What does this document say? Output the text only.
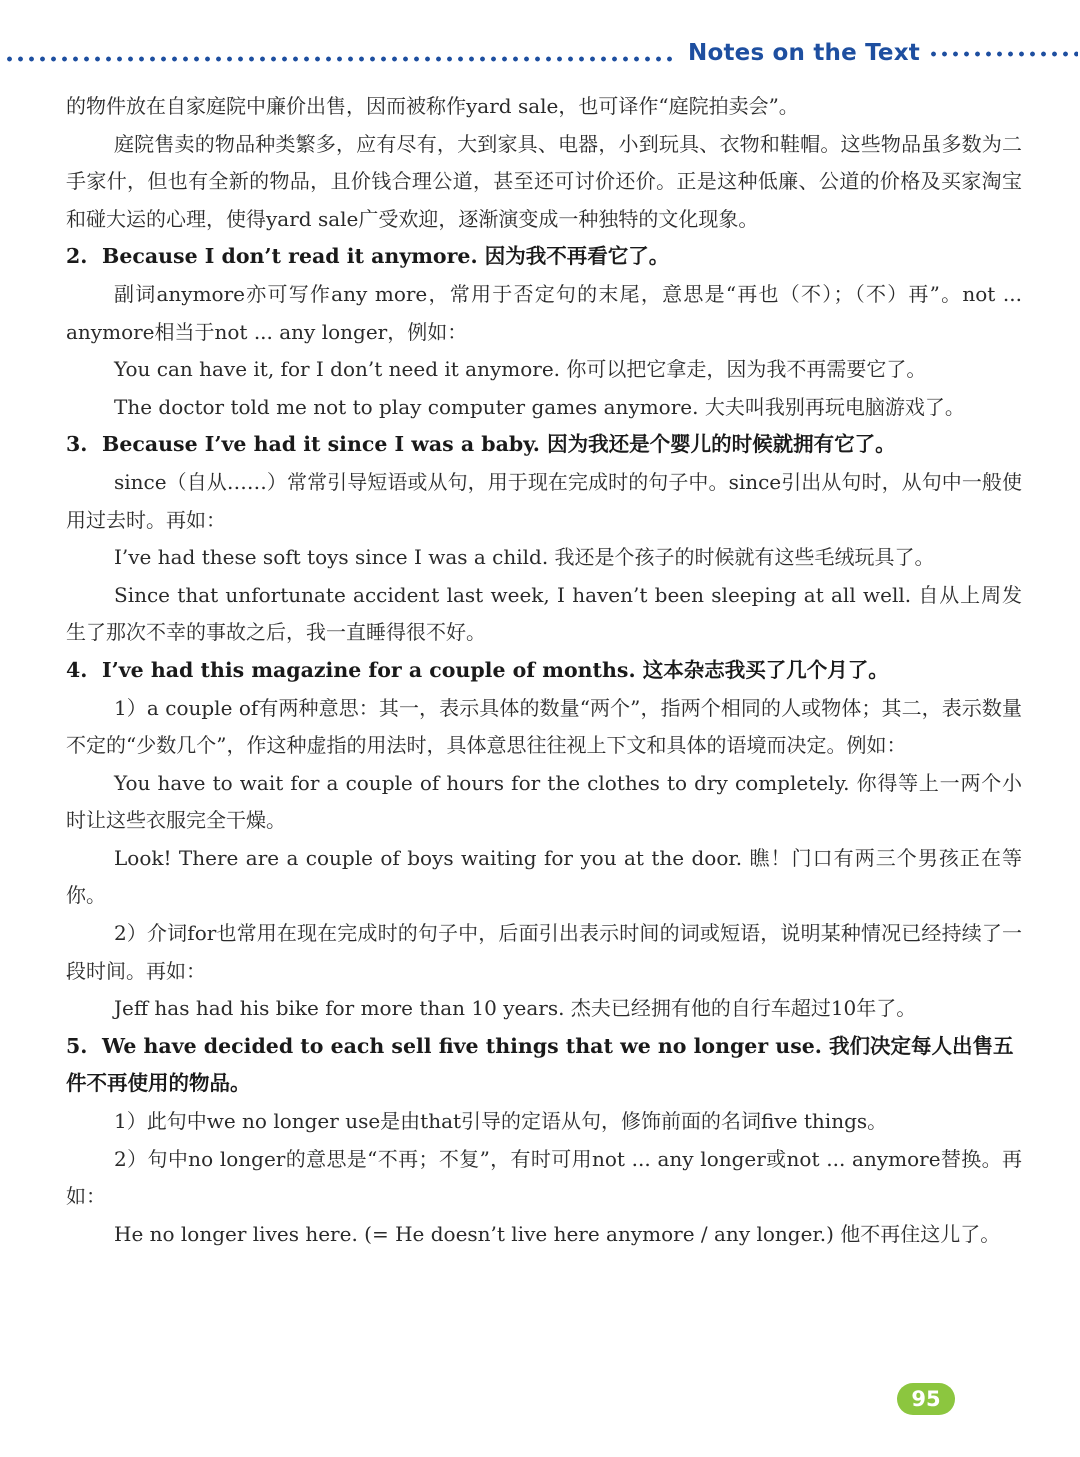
Notes on the Text

的物件放在自家庭院中廉价出售，因而被称作yard sale，也可译作“庭院拍卖会”。

庭院售卖的物品种类繁多，应有尽有，大到家具、电器，小到玩具、衣物和鞋帽。这些物品虽多数为二手家什，但也有全新的物品，且价钱合理公道，甚至还可讨价还价。正是这种低廉、公道的价格及买家淘宝和碰大运的心理，使得yard sale广受欢迎，逐渐演变成一种独特的文化现象。

2. Because I don’t read it anymore. 因为我不再看它了。

副词anymore亦可写作any more，常用于否定句的末尾，意思是“再也（不）；（不）再”。not ... anymore相当于not ... any longer，例如：

You can have it, for I don’t need it anymore. 你可以把它拿走，因为我不再需要它了。

The doctor told me not to play computer games anymore. 大夫叫我别再玩电脑游戏了。

3. Because I’ve had it since I was a baby. 因为我还是个婴儿的时候就拥有它了。

since（自从……）常常引导短语或从句，用于现在完成时的句子中。since引出从句时，从句中一般使用过去时。再如：

I’ve had these soft toys since I was a child. 我还是个孩子的时候就有这些毛绒玩具了。

Since that unfortunate accident last week, I haven’t been sleeping at all well. 自从上周发生了那次不幸的事故之后，我一直睡得很不好。

4. I’ve had this magazine for a couple of months. 这本杂志我买了几个月了。

1）a couple of有两种意思：其一，表示具体的数量“两个”，指两个相同的人或物体；其二，表示数量不定的“少数几个”，作这种虚指的用法时，具体意思往往视上下文和具体的语境而决定。例如：

You have to wait for a couple of hours for the clothes to dry completely. 你得等上一两个小时让这些衣服完全干燥。

Look! There are a couple of boys waiting for you at the door. 瞧！门口有两三个男孩正在等你。

2）介词for也常用在现在完成时的句子中，后面引出表示时间的词或短语，说明某种情况已经持续了一段时间。再如：

Jeff has had his bike for more than 10 years. 杰夫已经拥有他的自行车超过10年了。

5. We have decided to each sell five things that we no longer use. 我们决定每人出售五件不再使用的物品。

1）此句中we no longer use是由that引导的定语从句，修饰前面的名词five things。

2）句中no longer的意思是“不再；不复”，有时可用not ... any longer或not ... anymore替换。再如：

He no longer lives here. (= He doesn’t live here anymore / any longer.) 他不再住这儿了。

95
